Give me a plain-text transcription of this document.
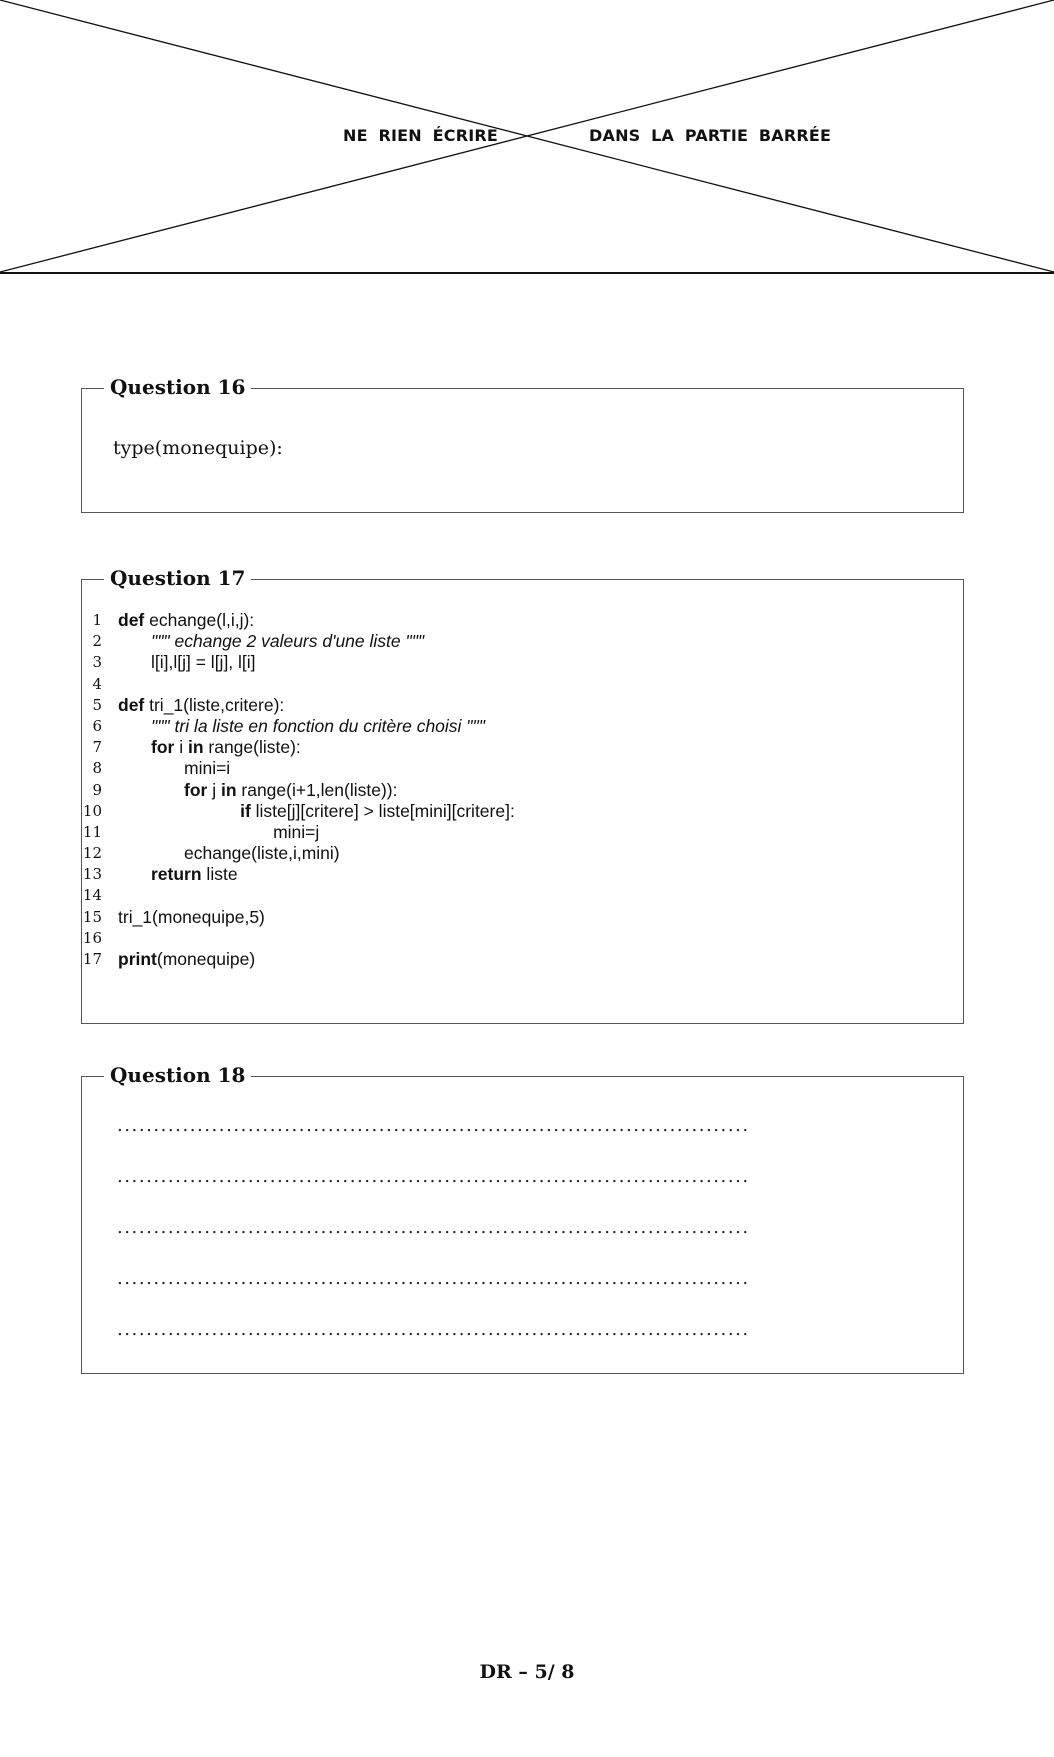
NE RIEN ÉCRIRE	DANS LA PARTIE BARRÉE
Question 16
type(monequipe):
Question 17
1 def echange(l,i,j):
2	""" echange 2 valeurs d'une liste """
3	l[i],l[j] = l[j], l[i]
4
5 def tri_1(liste,critere):
6	""" tri la liste en fonction du critère choisi """
7	for i in range(liste):
8	mini=i
9	for j in range(i+1,len(liste)):
10	if liste[j][critere] > liste[mini][critere]:
11	mini=j
12	echange(liste,i,mini)
13	return liste
14
15 tri_1(monequipe,5)
16
17 print(monequipe)
Question 18
.......................................................................................
.......................................................................................
.......................................................................................
.......................................................................................
.......................................................................................
DR – 5/ 8
